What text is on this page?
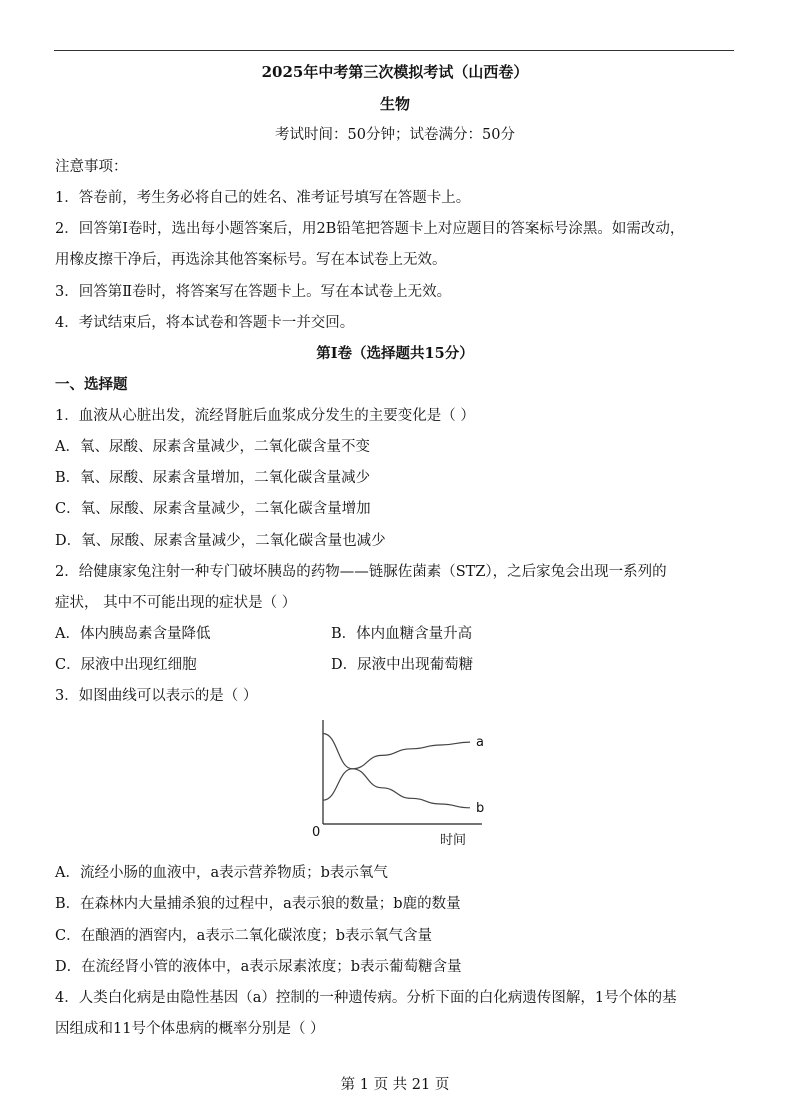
2025年中考第三次模拟考试（山西卷）
生物
考试时间：50分钟；试卷满分：50分
注意事项：
1．答卷前，考生务必将自己的姓名、准考证号填写在答题卡上。
2．回答第Ⅰ卷时，选出每小题答案后，用2B铅笔把答题卡上对应题目的答案标号涂黑。如需改动，
用橡皮擦干净后，再选涂其他答案标号。写在本试卷上无效。
3．回答第Ⅱ卷时，将答案写在答题卡上。写在本试卷上无效。
4．考试结束后，将本试卷和答题卡一并交回。
第Ⅰ卷（选择题共15分）
一、选择题
1．血液从心脏出发，流经肾脏后血浆成分发生的主要变化是（ ）
A．氧、尿酸、尿素含量减少，二氧化碳含量不变
B．氧、尿酸、尿素含量增加，二氧化碳含量减少
C．氧、尿酸、尿素含量减少，二氧化碳含量增加
D．氧、尿酸、尿素含量减少，二氧化碳含量也减少
2．给健康家兔注射一种专门破坏胰岛的药物——链脲佐菌素（STZ），之后家兔会出现一系列的
症状， 其中不可能出现的症状是（ ）
A．体内胰岛素含量降低	B．体内血糖含量升高
C．尿液中出现红细胞	D．尿液中出现葡萄糖
3．如图曲线可以表示的是（ ）
a
b
0
时间
A．流经小肠的血液中，a表示营养物质；b表示氧气
B．在森林内大量捕杀狼的过程中，a表示狼的数量；b鹿的数量
C．在酿酒的酒窖内，a表示二氧化碳浓度；b表示氧气含量
D．在流经肾小管的液体中，a表示尿素浓度；b表示葡萄糖含量
4．人类白化病是由隐性基因（a）控制的一种遗传病。分析下面的白化病遗传图解，1号个体的基
因组成和11号个体患病的概率分别是（ ）
第 1 页 共 21 页
